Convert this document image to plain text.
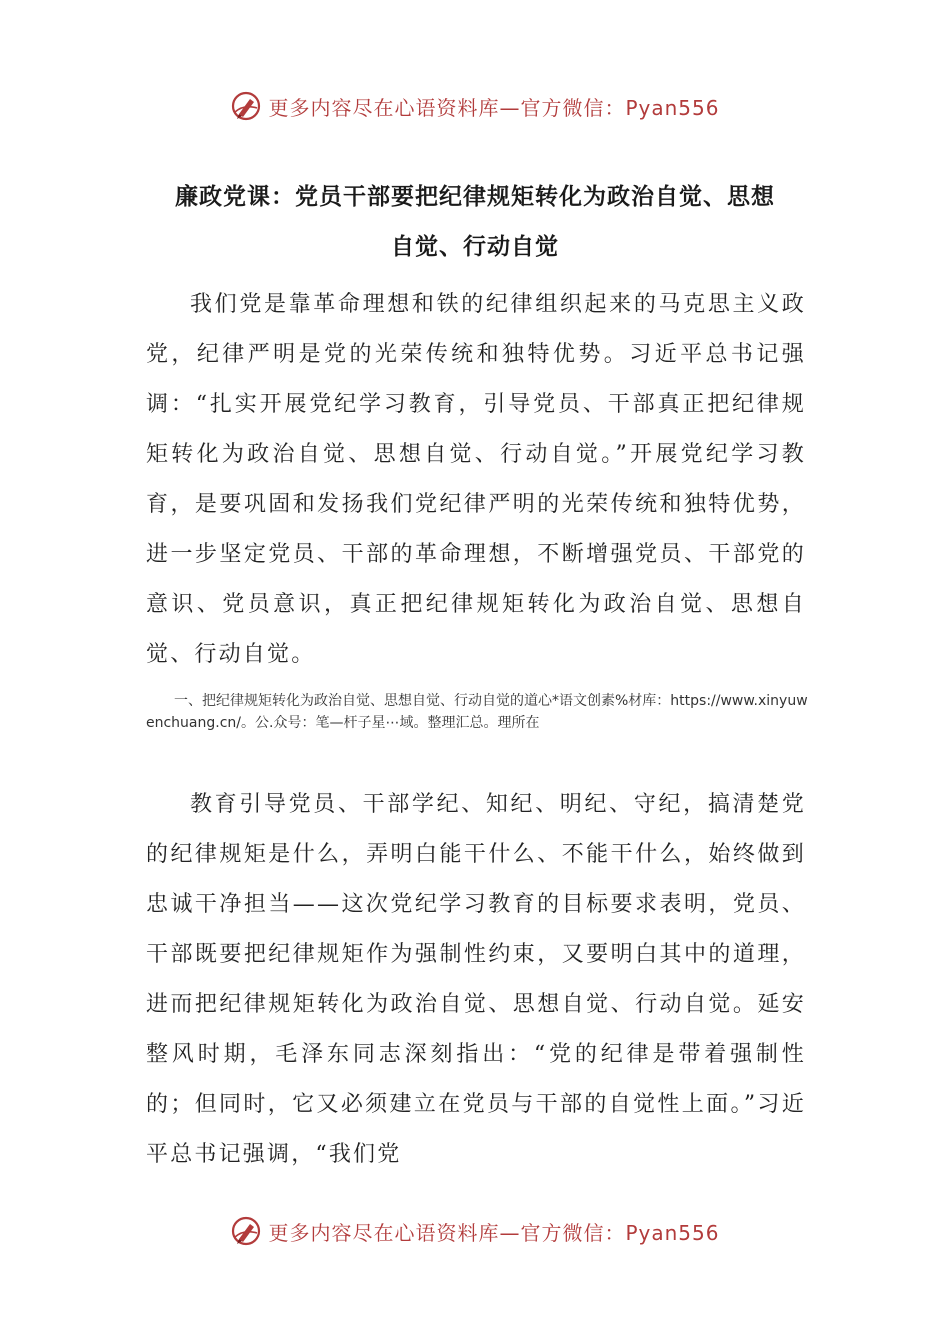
更多内容尽在心语资料库—官方微信：Pyan556
廉政党课：党员干部要把纪律规矩转化为政治自觉、思想
自觉、行动自觉

我们党是靠革命理想和铁的纪律组织起来的马克思主义政党，纪律严明是党的光荣传统和独特优势。习近平总书记强调：“扎实开展党纪学习教育，引导党员、干部真正把纪律规矩转化为政治自觉、思想自觉、行动自觉。”开展党纪学习教育，是要巩固和发扬我们党纪律严明的光荣传统和独特优势，进一步坚定党员、干部的革命理想，不断增强党员、干部党的意识、党员意识，真正把纪律规矩转化为政治自觉、思想自觉、行动自觉。

一、把纪律规矩转化为政治自觉、思想自觉、行动自觉的道心*语文创素%材库：https://www.xinyuwenchuang.cn/。公.众号：笔—杆子星⋯域。整理汇总。理所在

教育引导党员、干部学纪、知纪、明纪、守纪，搞清楚党的纪律规矩是什么，弄明白能干什么、不能干什么，始终做到忠诚干净担当——这次党纪学习教育的目标要求表明，党员、干部既要把纪律规矩作为强制性约束，又要明白其中的道理，进而把纪律规矩转化为政治自觉、思想自觉、行动自觉。延安整风时期，毛泽东同志深刻指出：“党的纪律是带着强制性的；但同时，它又必须建立在党员与干部的自觉性上面。”习近平总书记强调，“我们党

更多内容尽在心语资料库—官方微信：Pyan556
